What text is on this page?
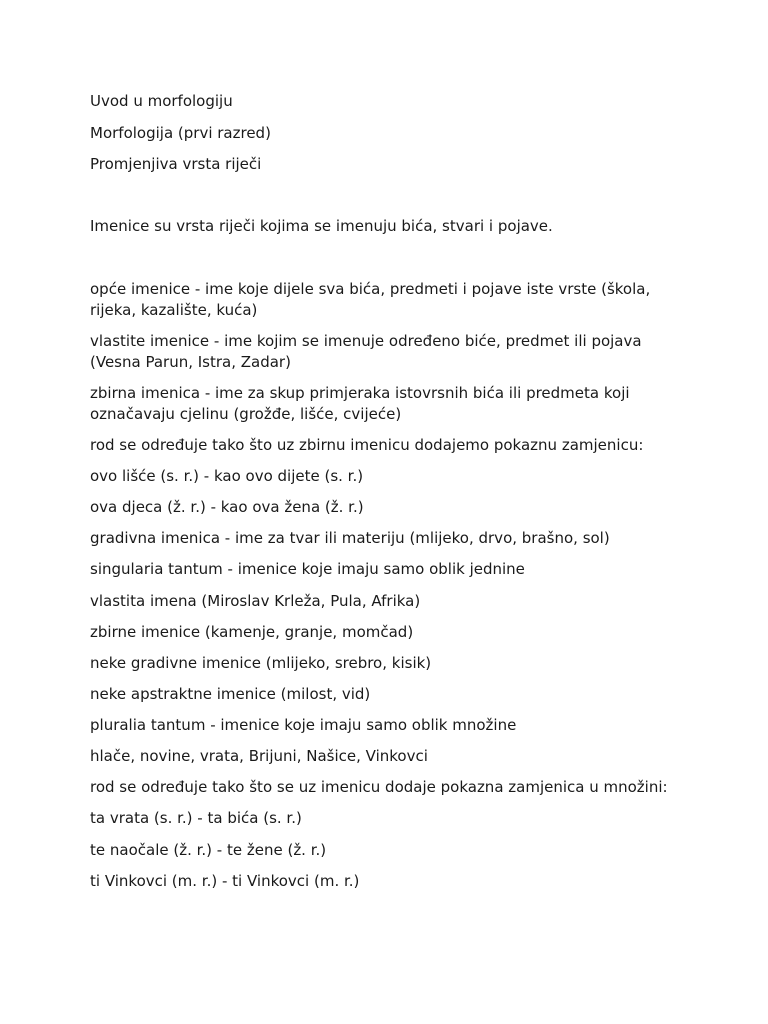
Uvod u morfologiju
Morfologija (prvi razred)
Promjenjiva vrsta riječi
Imenice su vrsta riječi kojima se imenuju bića, stvari i pojave.
opće imenice - ime koje dijele sva bića, predmeti i pojave iste vrste (škola, rijeka, kazalište, kuća)
vlastite imenice - ime kojim se imenuje određeno biće, predmet ili pojava (Vesna Parun, Istra, Zadar)
zbirna imenica - ime za skup primjeraka istovrsnih bića ili predmeta koji označavaju cjelinu (grožđe, lišće, cvijeće)
rod se određuje tako što uz zbirnu imenicu dodajemo pokaznu zamjenicu:
ovo lišće (s. r.) - kao ovo dijete (s. r.)
ova djeca (ž. r.) - kao ova žena (ž. r.)
gradivna imenica - ime za tvar ili materiju (mlijeko, drvo, brašno, sol)
singularia tantum - imenice koje imaju samo oblik jednine
vlastita imena (Miroslav Krleža, Pula, Afrika)
zbirne imenice (kamenje, granje, momčad)
neke gradivne imenice (mlijeko, srebro, kisik)
neke apstraktne imenice (milost, vid)
pluralia tantum - imenice koje imaju samo oblik množine
hlače, novine, vrata, Brijuni, Našice, Vinkovci
rod se određuje tako što se uz imenicu dodaje pokazna zamjenica u množini:
ta vrata (s. r.) - ta bića (s. r.)
te naočale (ž. r.) - te žene (ž. r.)
ti Vinkovci (m. r.) - ti Vinkovci (m. r.)
